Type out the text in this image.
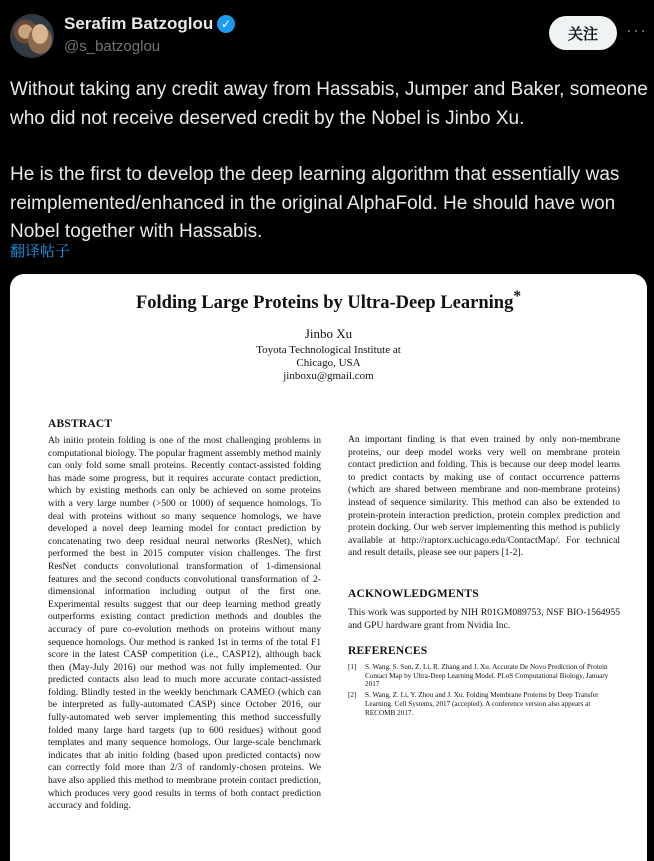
Serafim Batzoglou ✓
@s_batzoglou
关注	···

Without taking any credit away from Hassabis, Jumper and Baker, someone who did not receive deserved credit by the Nobel is Jinbo Xu.

He is the first to develop the deep learning algorithm that essentially was reimplemented/enhanced in the original AlphaFold. He should have won Nobel together with Hassabis.

翻译帖子
Folding Large Proteins by Ultra-Deep Learning*
Jinbo Xu
Toyota Technological Institute at
Chicago, USA
jinboxu@gmail.com
ABSTRACT
Ab initio protein folding is one of the most challenging problems in computational biology. The popular fragment assembly method mainly can only fold some small proteins. Recently contact-assisted folding has made some progress, but it requires accurate contact prediction, which by existing methods can only be achieved on some proteins with a very large number (>500 or 1000) of sequence homologs. To deal with proteins without so many sequence homologs, we have developed a novel deep learning model for contact prediction by concatenating two deep residual neural networks (ResNet), which performed the best in 2015 computer vision challenges. The first ResNet conducts convolutional transformation of 1-dimensional features and the second conducts convolutional transformation of 2-dimensional information including output of the first one. Experimental results suggest that our deep learning method greatly outperforms existing contact prediction methods and doubles the accuracy of pure co-evolution methods on proteins without many sequence homologs. Our method is ranked 1st in terms of the total F1 score in the latest CASP competition (i.e., CASP12), although back then (May-July 2016) our method was not fully implemented. Our predicted contacts also lead to much more accurate contact-assisted folding. Blindly tested in the weekly benchmark CAMEO (which can be interpreted as fully-automated CASP) since October 2016, our fully-automated web server implementing this method successfully folded many large hard targets (up to 600 residues) without good templates and many sequence homologs. Our large-scale benchmark indicates that ab initio folding (based upon predicted contacts) now can correctly fold more than 2/3 of randomly-chosen proteins. We have also applied this method to membrane protein contact prediction, which produces very good results in terms of both contact prediction accuracy and folding.
An important finding is that even trained by only non-membrane proteins, our deep model works very well on membrane protein contact prediction and folding. This is because our deep model learns to predict contacts by making use of contact occurrence patterns (which are shared between membrane and non-membrane proteins) instead of sequence similarity. This method can also be extended to protein-protein interaction prediction, protein complex prediction and protein docking. Our web server implementing this method is publicly available at http://raptorx.uchicago.edu/ContactMap/. For technical and result details, please see our papers [1-2].
ACKNOWLEDGMENTS
This work was supported by NIH R01GM089753, NSF BIO-1564955 and GPU hardware grant from Nvidia Inc.
REFERENCES
[1]	S. Wang, S. Sun, Z. Li, R. Zhang and J. Xu. Accurate De Novo Prediction of Protein Contact Map by Ultra-Deep Learning Model. PLoS Computational Biology, January 2017
[2]	S. Wang, Z. Li, Y. Zhou and J. Xu. Folding Membrane Proteins by Deep Transfer Learning. Cell Systems, 2017 (accepted). A conference version also appears at RECOMB 2017.
